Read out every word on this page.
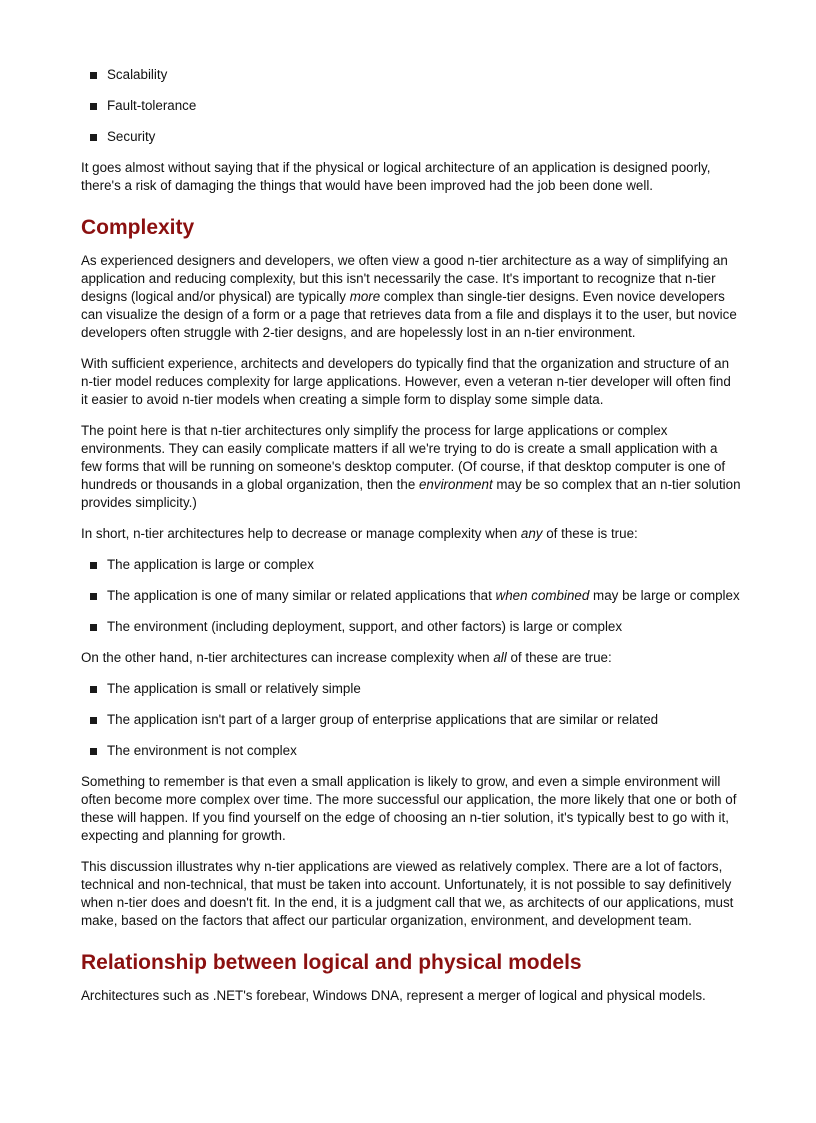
Scalability
Fault-tolerance
Security

It goes almost without saying that if the physical or logical architecture of an application is designed poorly, there's a risk of damaging the things that would have been improved had the job been done well.

Complexity

As experienced designers and developers, we often view a good n-tier architecture as a way of simplifying an application and reducing complexity, but this isn't necessarily the case. It's important to recognize that n-tier designs (logical and/or physical) are typically more complex than single-tier designs. Even novice developers can visualize the design of a form or a page that retrieves data from a file and displays it to the user, but novice developers often struggle with 2-tier designs, and are hopelessly lost in an n-tier environment.

With sufficient experience, architects and developers do typically find that the organization and structure of an n-tier model reduces complexity for large applications. However, even a veteran n-tier developer will often find it easier to avoid n-tier models when creating a simple form to display some simple data.

The point here is that n-tier architectures only simplify the process for large applications or complex environments. They can easily complicate matters if all we're trying to do is create a small application with a few forms that will be running on someone's desktop computer. (Of course, if that desktop computer is one of hundreds or thousands in a global organization, then the environment may be so complex that an n-tier solution provides simplicity.)

In short, n-tier architectures help to decrease or manage complexity when any of these is true:

The application is large or complex
The application is one of many similar or related applications that when combined may be large or complex
The environment (including deployment, support, and other factors) is large or complex

On the other hand, n-tier architectures can increase complexity when all of these are true:

The application is small or relatively simple
The application isn't part of a larger group of enterprise applications that are similar or related
The environment is not complex

Something to remember is that even a small application is likely to grow, and even a simple environment will often become more complex over time. The more successful our application, the more likely that one or both of these will happen. If you find yourself on the edge of choosing an n-tier solution, it's typically best to go with it, expecting and planning for growth.

This discussion illustrates why n-tier applications are viewed as relatively complex. There are a lot of factors, technical and non-technical, that must be taken into account. Unfortunately, it is not possible to say definitively when n-tier does and doesn't fit. In the end, it is a judgment call that we, as architects of our applications, must make, based on the factors that affect our particular organization, environment, and development team.

Relationship between logical and physical models

Architectures such as .NET's forebear, Windows DNA, represent a merger of logical and physical models.
